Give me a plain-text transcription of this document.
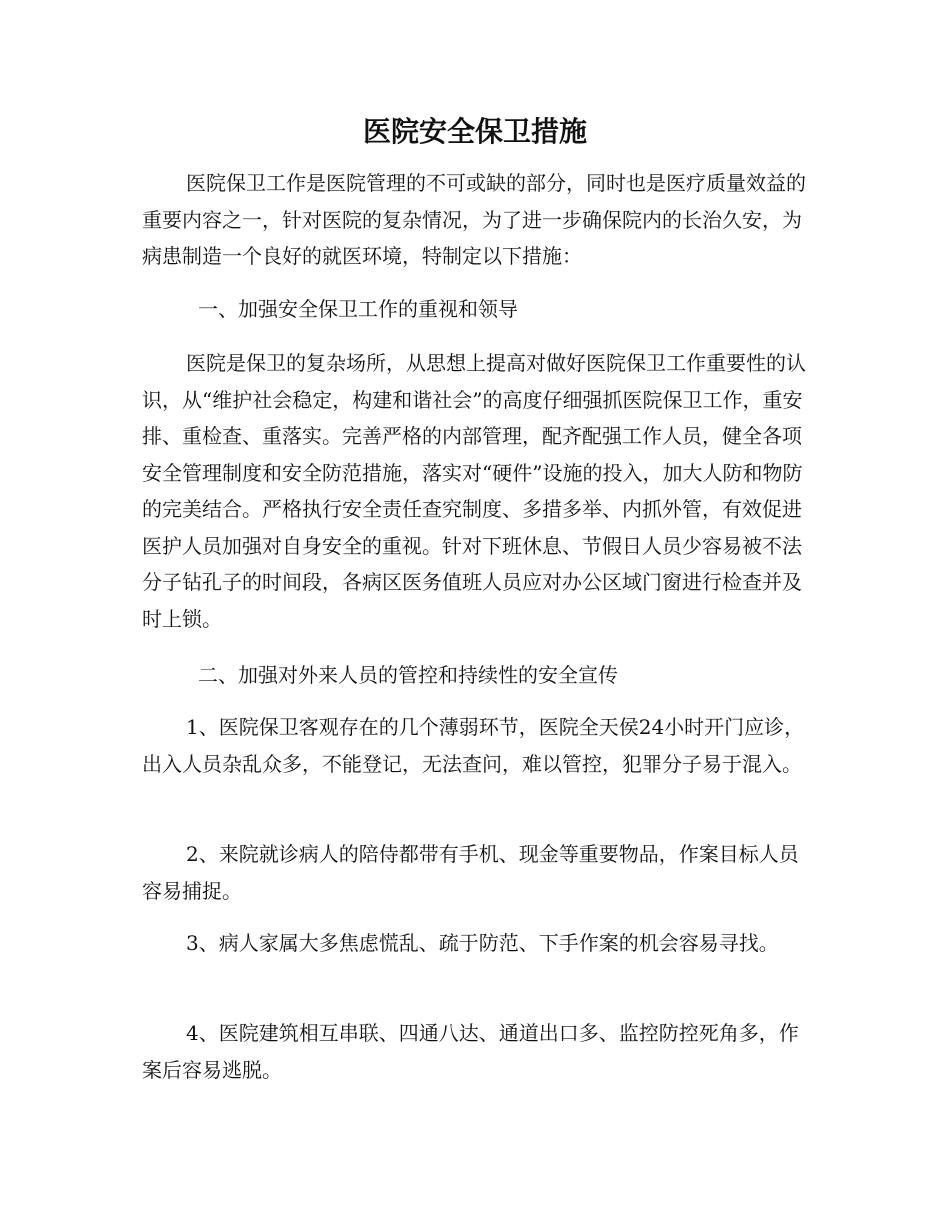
医院安全保卫措施

医院保卫工作是医院管理的不可或缺的部分，同时也是医疗质量效益的重要内容之一，针对医院的复杂情况，为了进一步确保院内的长治久安，为病患制造一个良好的就医环境，特制定以下措施：

一、加强安全保卫工作的重视和领导

医院是保卫的复杂场所，从思想上提高对做好医院保卫工作重要性的认识，从“维护社会稳定，构建和谐社会”的高度仔细强抓医院保卫工作，重安排、重检查、重落实。完善严格的内部管理，配齐配强工作人员，健全各项安全管理制度和安全防范措施，落实对“硬件”设施的投入，加大人防和物防的完美结合。严格执行安全责任查究制度、多措多举、内抓外管，有效促进医护人员加强对自身安全的重视。针对下班休息、节假日人员少容易被不法分子钻孔子的时间段，各病区医务值班人员应对办公区域门窗进行检查并及时上锁。

二、加强对外来人员的管控和持续性的安全宣传

1、医院保卫客观存在的几个薄弱环节，医院全天侯24小时开门应诊，出入人员杂乱众多，不能登记，无法查问，难以管控，犯罪分子易于混入。

2、来院就诊病人的陪侍都带有手机、现金等重要物品，作案目标人员容易捕捉。

3、病人家属大多焦虑慌乱、疏于防范、下手作案的机会容易寻找。

4、医院建筑相互串联、四通八达、通道出口多、监控防控死角多，作案后容易逃脱。
